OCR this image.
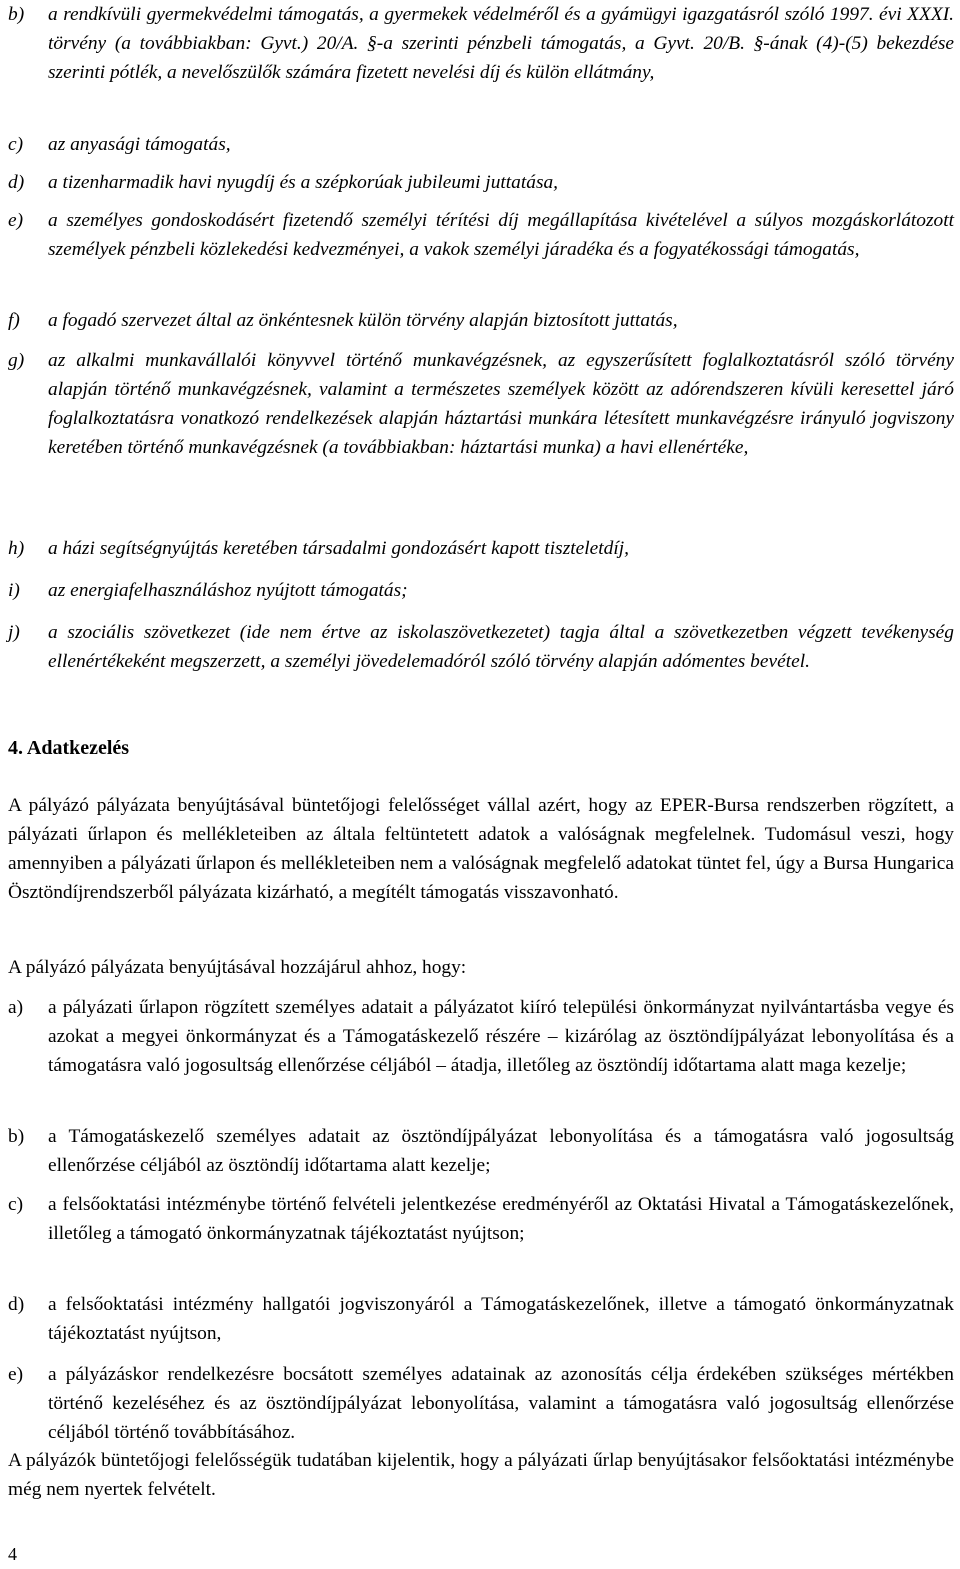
b) a rendkívüli gyermekvédelmi támogatás, a gyermekek védelméről és a gyámügyi igazgatásról szóló 1997. évi XXXI. törvény (a továbbiakban: Gyvt.) 20/A. §-a szerinti pénzbeli támogatás, a Gyvt. 20/B. §-ának (4)-(5) bekezdése szerinti pótlék, a nevelőszülők számára fizetett nevelési díj és külön ellátmány,
c) az anyasági támogatás,
d) a tizenharmadik havi nyugdíj és a szépkorúak jubileumi juttatása,
e) a személyes gondoskodásért fizetendő személyi térítési díj megállapítása kivételével a súlyos mozgáskorlátozott személyek pénzbeli közlekedési kedvezményei, a vakok személyi járadéka és a fogyatékossági támogatás,
f) a fogadó szervezet által az önkéntesnek külön törvény alapján biztosított juttatás,
g) az alkalmi munkavállalói könyvvel történő munkavégzésnek, az egyszerűsített foglalkoztatásról szóló törvény alapján történő munkavégzésnek, valamint a természetes személyek között az adórendszeren kívüli keresettel járó foglalkoztatásra vonatkozó rendelkezések alapján háztartási munkára létesített munkavégzésre irányuló jogviszony keretében történő munkavégzésnek (a továbbiakban: háztartási munka) a havi ellenértéke,
h) a házi segítségnyújtás keretében társadalmi gondozásért kapott tiszteletdíj,
i) az energiafelhasználáshoz nyújtott támogatás;
j) a szociális szövetkezet (ide nem értve az iskolaszövetkezetet) tagja által a szövetkezetben végzett tevékenység ellenértékeként megszerzett, a személyi jövedelemadóról szóló törvény alapján adómentes bevétel.
4. Adatkezelés
A pályázó pályázata benyújtásával büntetőjogi felelősséget vállal azért, hogy az EPER-Bursa rendszerben rögzített, a pályázati űrlapon és mellékleteiben az általa feltüntetett adatok a valóságnak megfelelnek. Tudomásul veszi, hogy amennyiben a pályázati űrlapon és mellékleteiben nem a valóságnak megfelelő adatokat tüntet fel, úgy a Bursa Hungarica Ösztöndíjrendszerből pályázata kizárható, a megítélt támogatás visszavonható.
A pályázó pályázata benyújtásával hozzájárul ahhoz, hogy:
a) a pályázati űrlapon rögzített személyes adatait a pályázatot kiíró települési önkormányzat nyilvántartásba vegye és azokat a megyei önkormányzat és a Támogatáskezelő részére – kizárólag az ösztöndíjpályázat lebonyolítása és a támogatásra való jogosultság ellenőrzése céljából – átadja, illetőleg az ösztöndíj időtartama alatt maga kezelje;
b) a Támogatáskezelő személyes adatait az ösztöndíjpályázat lebonyolítása és a támogatásra való jogosultság ellenőrzése céljából az ösztöndíj időtartama alatt kezelje;
c) a felsőoktatási intézménybe történő felvételi jelentkezése eredményéről az Oktatási Hivatal a Támogatáskezelőnek, illetőleg a támogató önkormányzatnak tájékoztatást nyújtson;
d) a felsőoktatási intézmény hallgatói jogviszonyáról a Támogatáskezelőnek, illetve a támogató önkormányzatnak tájékoztatást nyújtson,
e) a pályázáskor rendelkezésre bocsátott személyes adatainak az azonosítás célja érdekében szükséges mértékben történő kezeléséhez és az ösztöndíjpályázat lebonyolítása, valamint a támogatásra való jogosultság ellenőrzése céljából történő továbbításához.
A pályázók büntetőjogi felelősségük tudatában kijelentik, hogy a pályázati űrlap benyújtásakor felsőoktatási intézménybe még nem nyertek felvételt.
4
